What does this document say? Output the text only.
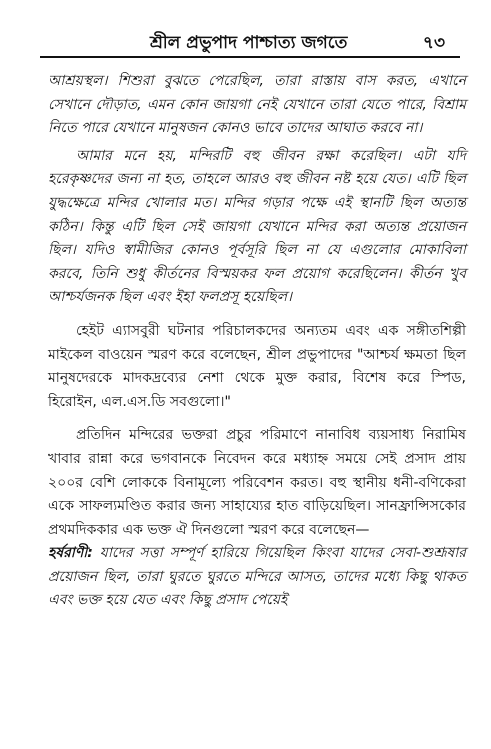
শ্রীল প্রভুপাদ পাশ্চাত্য জগতে	৭৩

আশ্রয়স্থল। শিশুরা বুঝতে পেরেছিল, তারা রাস্তায় বাস করত, এখানে সেখানে দৌড়াত, এমন কোন জায়গা নেই যেখানে তারা যেতে পারে, বিশ্রাম নিতে পারে যেখানে মানুষজন কোনও ভাবে তাদের আঘাত করবে না।

আমার মনে হয়, মন্দিরটি বহু জীবন রক্ষা করেছিল। এটা যদি হরেকৃষ্ণদের জন্য না হত, তাহলে আরও বহু জীবন নষ্ট হয়ে যেত। এটি ছিল যুদ্ধক্ষেত্রে মন্দির খোলার মত। মন্দির গড়ার পক্ষে এই স্থানটি ছিল অত্যন্ত কঠিন। কিন্তু এটি ছিল সেই জায়গা যেখানে মন্দির করা অত্যন্ত প্রয়োজন ছিল। যদিও স্বামীজির কোনও পূর্বসূরি ছিল না যে এগুলোর মোকাবিলা করবে, তিনি শুধু কীর্তনের বিস্ময়কর ফল প্রয়োগ করেছিলেন। কীর্তন খুব আশ্চর্যজনক ছিল এবং ইহা ফলপ্রসূ হয়েছিল।

হেইট এ্যাসবুরী ঘটনার পরিচালকদের অন্যতম এবং এক সঙ্গীতশিল্পী মাইকেল বাওয়েন স্মরণ করে বলেছেন, শ্রীল প্রভুপাদের "আশ্চর্য ক্ষমতা ছিল মানুষদেরকে মাদকদ্রব্যের নেশা থেকে মুক্ত করার, বিশেষ করে স্পিড, হিরোইন, এল.এস.ডি সবগুলো।"

প্রতিদিন মন্দিরের ভক্তরা প্রচুর পরিমাণে নানাবিধ ব্যয়সাধ্য নিরামিষ খাবার রান্না করে ভগবানকে নিবেদন করে মধ্যাহ্ন সময়ে সেই প্রসাদ প্রায় ২০০র বেশি লোককে বিনামূল্যে পরিবেশন করত। বহু স্থানীয় ধনী-বণিকেরা একে সাফল্যমণ্ডিত করার জন্য সাহায্যের হাত বাড়িয়েছিল। সানফ্রান্সিসকোর প্রথমদিককার এক ভক্ত ঐ দিনগুলো স্মরণ করে বলেছেন—

হর্ষরাণী: যাদের সত্তা সম্পূর্ণ হারিয়ে গিয়েছিল কিংবা যাদের সেবা-শুশ্রূষার প্রয়োজন ছিল, তারা ঘুরতে ঘুরতে মন্দিরে আসত, তাদের মধ্যে কিছু থাকত এবং ভক্ত হয়ে যেত এবং কিছু প্রসাদ পেয়েই
